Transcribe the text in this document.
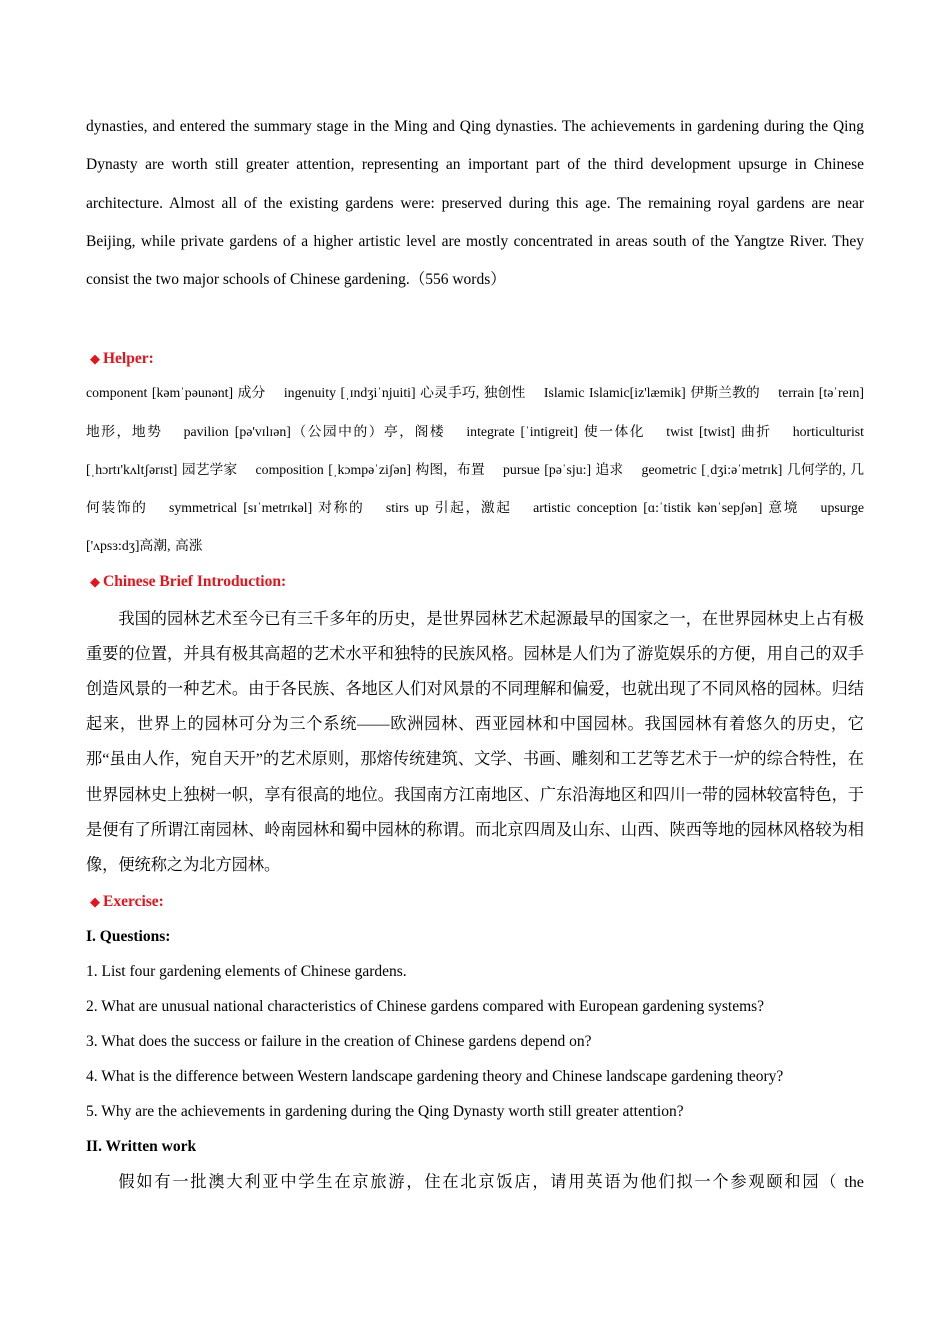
dynasties, and entered the summary stage in the Ming and Qing dynasties. The achievements in gardening during the Qing Dynasty are worth still greater attention, representing an important part of the third development upsurge in Chinese architecture. Almost all of the existing gardens were: preserved during this age. The remaining royal gardens are near Beijing, while private gardens of a higher artistic level are mostly concentrated in areas south of the Yangtze River. They consist the two major schools of Chinese gardening.（556 words）

◆ Helper:

component [kəmˈpəunənt] 成分　 ingenuity [ˌɪndʒiˈnjuiti] 心灵手巧, 独创性　 Islamic Islamic[iz'læmik] 伊斯兰教的　 terrain [təˈreɪn] 地形，地势　 pavilion [pə'vɪlɪən]（公园中的）亭，阁楼　 integrate [ˈintigreit] 使一体化　 twist [twist] 曲折　 horticulturist [ˌhɔrtɪ'kʌltʃərɪst] 园艺学家　 composition [ˌkɔmpəˈziʃən] 构图，布置　 pursue [pəˈsju:] 追求　 geometric [ˌdʒi:əˈmetrɪk] 几何学的, 几何装饰的　 symmetrical [sɪˈmetrɪkəl] 对称的　 stirs up 引起，激起　 artistic conception [ɑ:ˈtistik kənˈsepʃən] 意境　 upsurge ['ʌpsɜ:dʒ]高潮, 高涨

◆ Chinese Brief Introduction:

我国的园林艺术至今已有三千多年的历史，是世界园林艺术起源最早的国家之一，在世界园林史上占有极重要的位置，并具有极其高超的艺术水平和独特的民族风格。园林是人们为了游览娱乐的方便，用自己的双手创造风景的一种艺术。由于各民族、各地区人们对风景的不同理解和偏爱，也就出现了不同风格的园林。归结起来，世界上的园林可分为三个系统——欧洲园林、西亚园林和中国园林。我国园林有着悠久的历史，它那“虽由人作，宛自天开”的艺术原则，那熔传统建筑、文学、书画、雕刻和工艺等艺术于一炉的综合特性，在世界园林史上独树一帜，享有很高的地位。我国南方江南地区、广东沿海地区和四川一带的园林较富特色，于是便有了所谓江南园林、岭南园林和蜀中园林的称谓。而北京四周及山东、山西、陕西等地的园林风格较为相像，便统称之为北方园林。

◆ Exercise:

I. Questions:

1. List four gardening elements of Chinese gardens.

2. What are unusual national characteristics of Chinese gardens compared with European gardening systems?

3. What does the success or failure in the creation of Chinese gardens depend on?

4. What is the difference between Western landscape gardening theory and Chinese landscape gardening theory?

5. Why are the achievements in gardening during the Qing Dynasty worth still greater attention?

II. Written work

假如有一批澳大利亚中学生在京旅游，住在北京饭店，请用英语为他们拟一个参观颐和园（ the
